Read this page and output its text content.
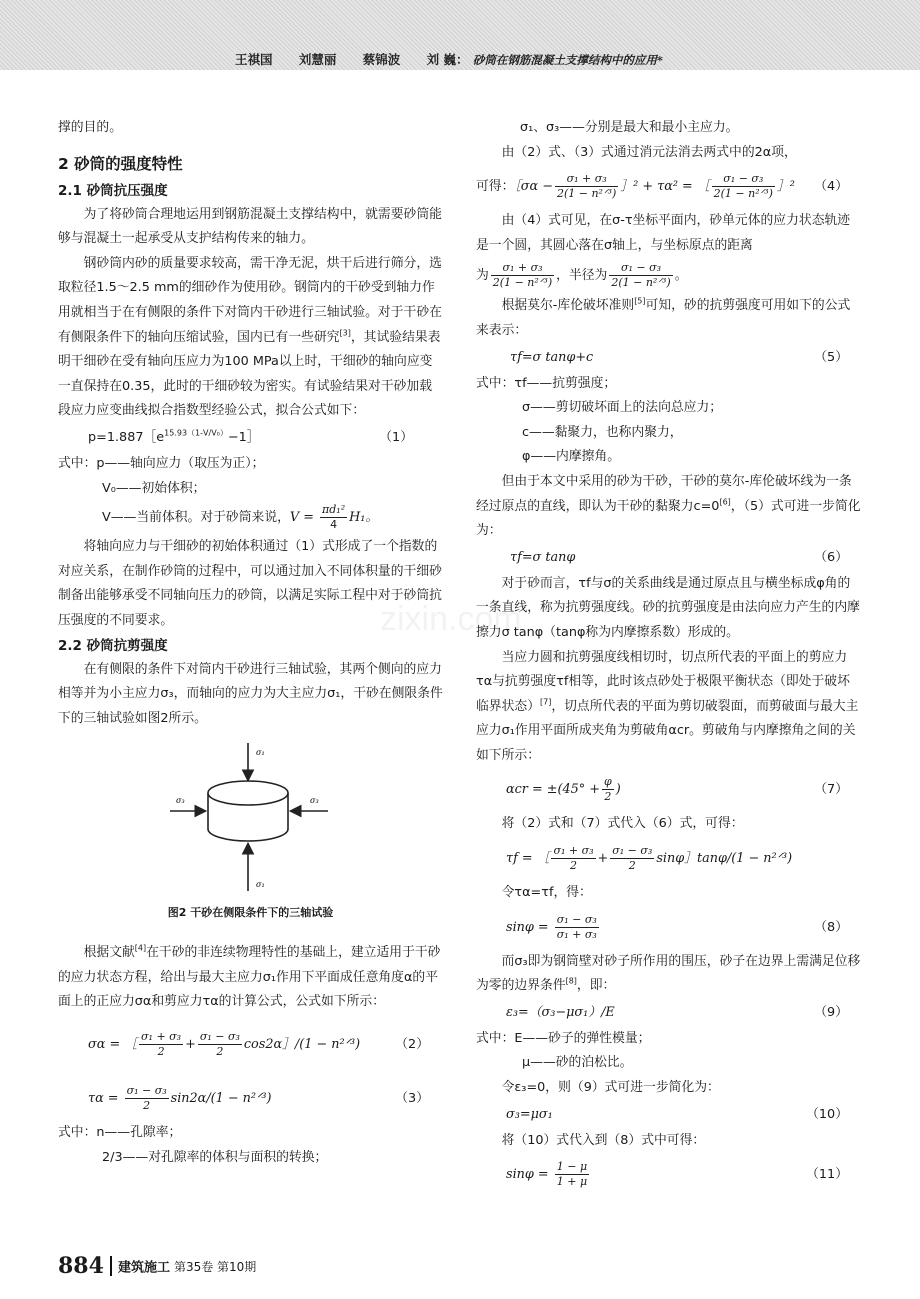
王祺国 刘慧丽 蔡锦波 刘 巍： 砂筒在钢筋混凝土支撑结构中的应用*
zixin.com

撑的目的。

2 砂筒的强度特性
2.1 砂筒抗压强度

为了将砂筒合理地运用到钢筋混凝土支撑结构中，就需要砂筒能够与混凝土一起承受从支护结构传来的轴力。

钢砂筒内砂的质量要求较高，需干净无泥，烘干后进行筛分，选取粒径1.5～2.5 mm的细砂作为使用砂。钢筒内的干砂受到轴力作用就相当于在有侧限的条件下对筒内干砂进行三轴试验。对于干砂在有侧限条件下的轴向压缩试验，国内已有一些研究[3]，其试验结果表明干细砂在受有轴向压应力为100 MPa以上时，干细砂的轴向应变一直保持在0.35，此时的干细砂较为密实。有试验结果对干砂加载段应力应变曲线拟合指数型经验公式，拟合公式如下：

$p=1.887[e^{15.93(1-V/V_0)}-1]$	（1）

式中：p——轴向应力（取压为正）；

V₀——初始体积；

V——当前体积。对于砂筒来说，$V = \frac{\text{πd₁²}}{4} H_1$。

将轴向应力与干细砂的初始体积通过（1）式形成了一个指数的对应关系，在制作砂筒的过程中，可以通过加入不同体积量的干细砂制备出能够承受不同轴向压力的砂筒，以满足实际工程中对于砂筒抗压强度的不同要求。

2.2 砂筒抗剪强度

在有侧限的条件下对筒内干砂进行三轴试验，其两个侧向的应力相等并为小主应力σ₃，而轴向的应力为大主应力σ₁，干砂在侧限条件下的三轴试验如图2所示。

σ₁
σ₁
σ₃	σ₃
图2 干砂在侧限条件下的三轴试验

根据文献[4]在干砂的非连续物理特性的基础上，建立适用于干砂的应力状态方程，给出与最大主应力σ₁作用下平面成任意角度α的平面上的正应力σα和剪应力τα的计算公式，公式如下所示：

σα = ［ $\frac{\text{σ₁ + σ₃}}{2} + \frac{\text{σ₁ − σ₃}}{2}$ cos2α］/(1 − n²ᐟ³)	（2）
$\tau\alpha = \frac{\text{σ₁ − σ₃}}{2} \sin 2\alpha/(1$ − n²ᐟ³)	（3）

式中：n——孔隙率；

2/3——对孔隙率的体积与面积的转换；

σ₁、σ₃——分别是最大和最小主应力。

由（2）式、（3）式通过消元法消去两式中的2α项，

可得：［σα − $\frac{\text{σ₁ + σ₃}}{\text{2(1 − n²ᐟ³)}}$ ］² + τα² = ［ $\frac{\text{σ₁ − σ₃}}{\text{2(1 − n²ᐟ³)}}$ ］² （4）

由（4）式可见，在σ-τ坐标平面内，砂单元体的应力状态轨迹是一个圆，其圆心落在σ轴上，与坐标原点的距离

为 $\frac{\text{σ₁ + σ₃}}{\text{2(1 − n²ᐟ³)}}$ ，半径为 $\frac{\text{σ₁ − σ₃}}{\text{2(1 − n²ᐟ³)}}$ 。

根据莫尔-库伦破坏准则[5]可知，砂的抗剪强度可用如下的公式来表示：

τf=σ tanφ+c	（5）

式中：τf——抗剪强度；

σ——剪切破坏面上的法向总应力；

c——黏聚力，也称内聚力，

φ——内摩擦角。

但由于本文中采用的砂为干砂，干砂的莫尔-库伦破坏线为一条经过原点的直线，即认为干砂的黏聚力c=0[6]，（5）式可进一步简化为：

τf=σ tanφ	（6）

对于砂而言，τf与σ的关系曲线是通过原点且与横坐标成φ角的一条直线，称为抗剪强度线。砂的抗剪强度是由法向应力产生的内摩擦力σ tanφ（tanφ称为内摩擦系数）形成的。

当应力圆和抗剪强度线相切时，切点所代表的平面上的剪应力τα与抗剪强度τf相等，此时该点砂处于极限平衡状态（即处于破坏临界状态）[7]，切点所代表的平面为剪切破裂面，而剪破面与最大主应力σ₁作用平面所成夹角为剪破角αcr。剪破角与内摩擦角之间的关如下所示：

$\alpha cr = \pm(45^\circ + \frac{\varphi}{2}$ )	（7）

将（2）式和（7）式代入（6）式，可得：

τf = ［ $\frac{\text{σ₁ + σ₃}}{2} + \frac{\text{σ₁ − σ₃}}{2}$ sinφ］tanφ/(1 − n²ᐟ³)

令τα=τf，得：

$\sin\varphi = \frac{\text{σ₁ − σ₃}}{\text{σ₁ + σ₃}}$	（8）

而σ₃即为钢筒壁对砂子所作用的围压，砂子在边界上需满足位移为零的边界条件[8]，即：

ε₃=（σ₃−μσ₁）/E	（9）

式中：E——砂子的弹性模量；

μ——砂的泊松比。

令ε₃=0，则（9）式可进一步简化为：

σ₃=μσ₁	（10）

将（10）式代入到（8）式中可得：

$\sin\varphi = \frac{1 - \mu}{1 + \mu}$	（11）
884 建筑施工 第35卷 第10期
